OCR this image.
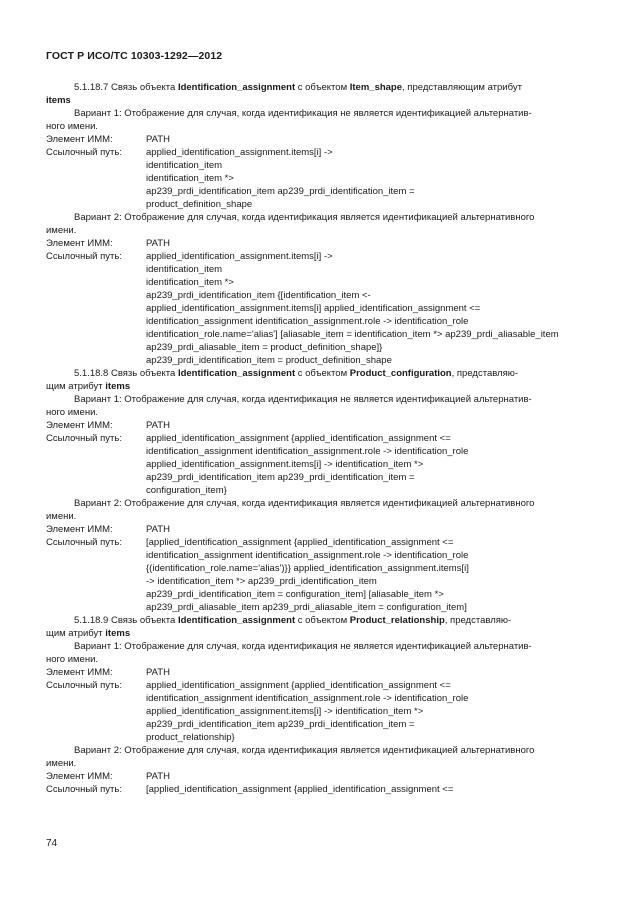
ГОСТ Р ИСО/ТС 10303-1292—2012

5.1.18.7 Связь объекта Identification_assignment с объектом Item_shape, представляющим атрибут

items

Вариант 1: Отображение для случая, когда идентификация не является идентификацией альтернатив-

ного имени.

Элемент ИММ:	PATH
Ссылочный путь:	applied_identification_assignment.items[i] ->

identification_item

identification_item *>

ap239_prdi_identification_item ap239_prdi_identification_item =

product_definition_shape

Вариант 2: Отображение для случая, когда идентификация является идентификацией альтернативного

имени.

Элемент ИММ:	PATH
Ссылочный путь:	applied_identification_assignment.items[i] ->

identification_item

identification_item *>

ap239_prdi_identification_item {[identification_item <-

applied_identification_assignment.items[i] applied_identification_assignment <=

identification_assignment identification_assignment.role -> identification_role

identification_role.name='alias'] [aliasable_item = identification_item *> ap239_prdi_aliasable_item

ap239_prdi_aliasable_item = product_definition_shape]}

ap239_prdi_identification_item = product_definition_shape

5.1.18.8 Связь объекта Identification_assignment с объектом Product_configuration, представляю-

щим атрибут items

Вариант 1: Отображение для случая, когда идентификация не является идентификацией альтернатив-

ного имени.

Элемент ИММ:	PATH
Ссылочный путь:	applied_identification_assignment {applied_identification_assignment <=

identification_assignment identification_assignment.role -> identification_role

applied_identification_assignment.items[i] -> identification_item *>

ap239_prdi_identification_item ap239_prdi_identification_item =

configuration_item}

Вариант 2: Отображение для случая, когда идентификация является идентификацией альтернативного

имени.

Элемент ИММ:	PATH
Ссылочный путь:	[applied_identification_assignment {applied_identification_assignment <=

identification_assignment identification_assignment.role -> identification_role

{(identification_role.name='alias')}} applied_identification_assignment.items[i]

-> identification_item *> ap239_prdi_identification_item

ap239_prdi_identification_item = configuration_item] [aliasable_item *>

ap239_prdi_aliasable_item ap239_prdi_aliasable_item = configuration_item]

5.1.18.9 Связь объекта Identification_assignment с объектом Product_relationship, представляю-

щим атрибут items

Вариант 1: Отображение для случая, когда идентификация не является идентификацией альтернатив-

ного имени.

Элемент ИММ:	PATH
Ссылочный путь:	applied_identification_assignment {applied_identification_assignment <=

identification_assignment identification_assignment.role -> identification_role

applied_identification_assignment.items[i] -> identification_item *>

ap239_prdi_identification_item ap239_prdi_identification_item =

product_relationship}

Вариант 2: Отображение для случая, когда идентификация является идентификацией альтернативного

имени.

Элемент ИММ:	PATH
Ссылочный путь:	[applied_identification_assignment {applied_identification_assignment <=
74
